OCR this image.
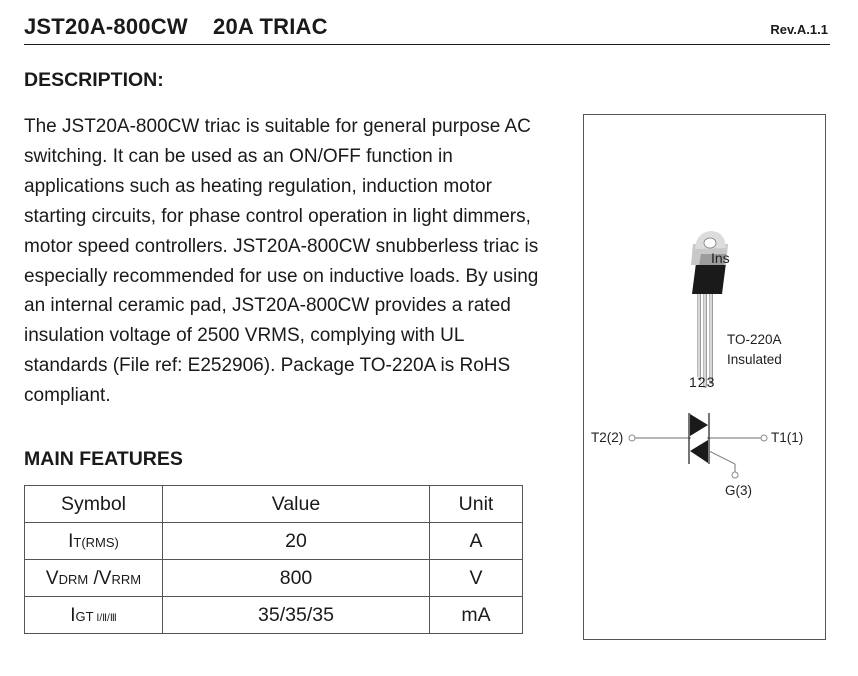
JST20A-800CW    20A TRIAC	Rev.A.1.1
DESCRIPTION:
The JST20A-800CW triac is suitable for general purpose AC
switching. It can be used as an ON/OFF function in
applications such as heating regulation, induction motor
starting circuits, for phase control operation in light dimmers,
motor speed controllers. JST20A-800CW snubberless triac is
especially recommended for use on inductive loads. By using
an internal ceramic pad, JST20A-800CW provides a rated
insulation voltage of 2500 VRMS, complying with UL
standards (File ref: E252906). Package TO-220A is RoHS
compliant.
MAIN FEATURES
Symbol	Value	Unit
IT(RMS)	20	A
VDRM /VRRM	800	V
IGT Ⅰ/Ⅱ/Ⅲ	35/35/35	mA
Ins
TO-220A
Insulated
123
T2(2)	T1(1)
G(3)
